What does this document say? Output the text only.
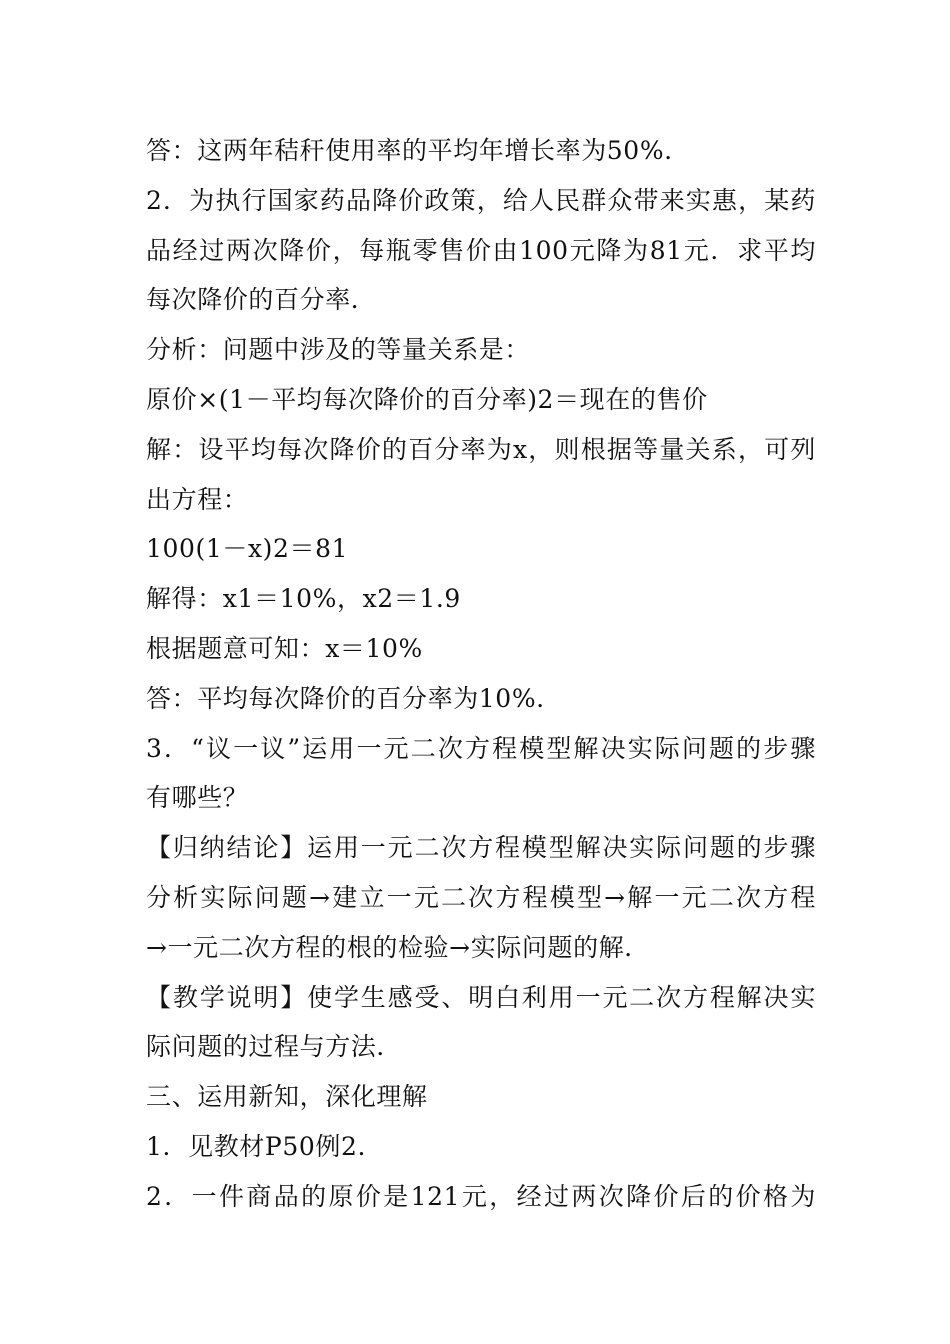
答：这两年秸秆使用率的平均年增长率为50%.
2．为执行国家药品降价政策，给人民群众带来实惠，某药
品经过两次降价，每瓶零售价由100元降为81元．求平均
每次降价的百分率．
分析：问题中涉及的等量关系是：
原价×(1－平均每次降价的百分率)2＝现在的售价
解：设平均每次降价的百分率为x，则根据等量关系，可列
出方程：
100(1－x)2＝81
解得：x1＝10%，x2＝1.9
根据题意可知：x＝10%
答：平均每次降价的百分率为10%.
3．“议一议”运用一元二次方程模型解决实际问题的步骤
有哪些？
【归纳结论】运用一元二次方程模型解决实际问题的步骤
分析实际问题→建立一元二次方程模型→解一元二次方程
→一元二次方程的根的检验→实际问题的解．
【教学说明】使学生感受、明白利用一元二次方程解决实
际问题的过程与方法．
三、运用新知，深化理解
1．见教材P50例2.
2．一件商品的原价是121元，经过两次降价后的价格为
